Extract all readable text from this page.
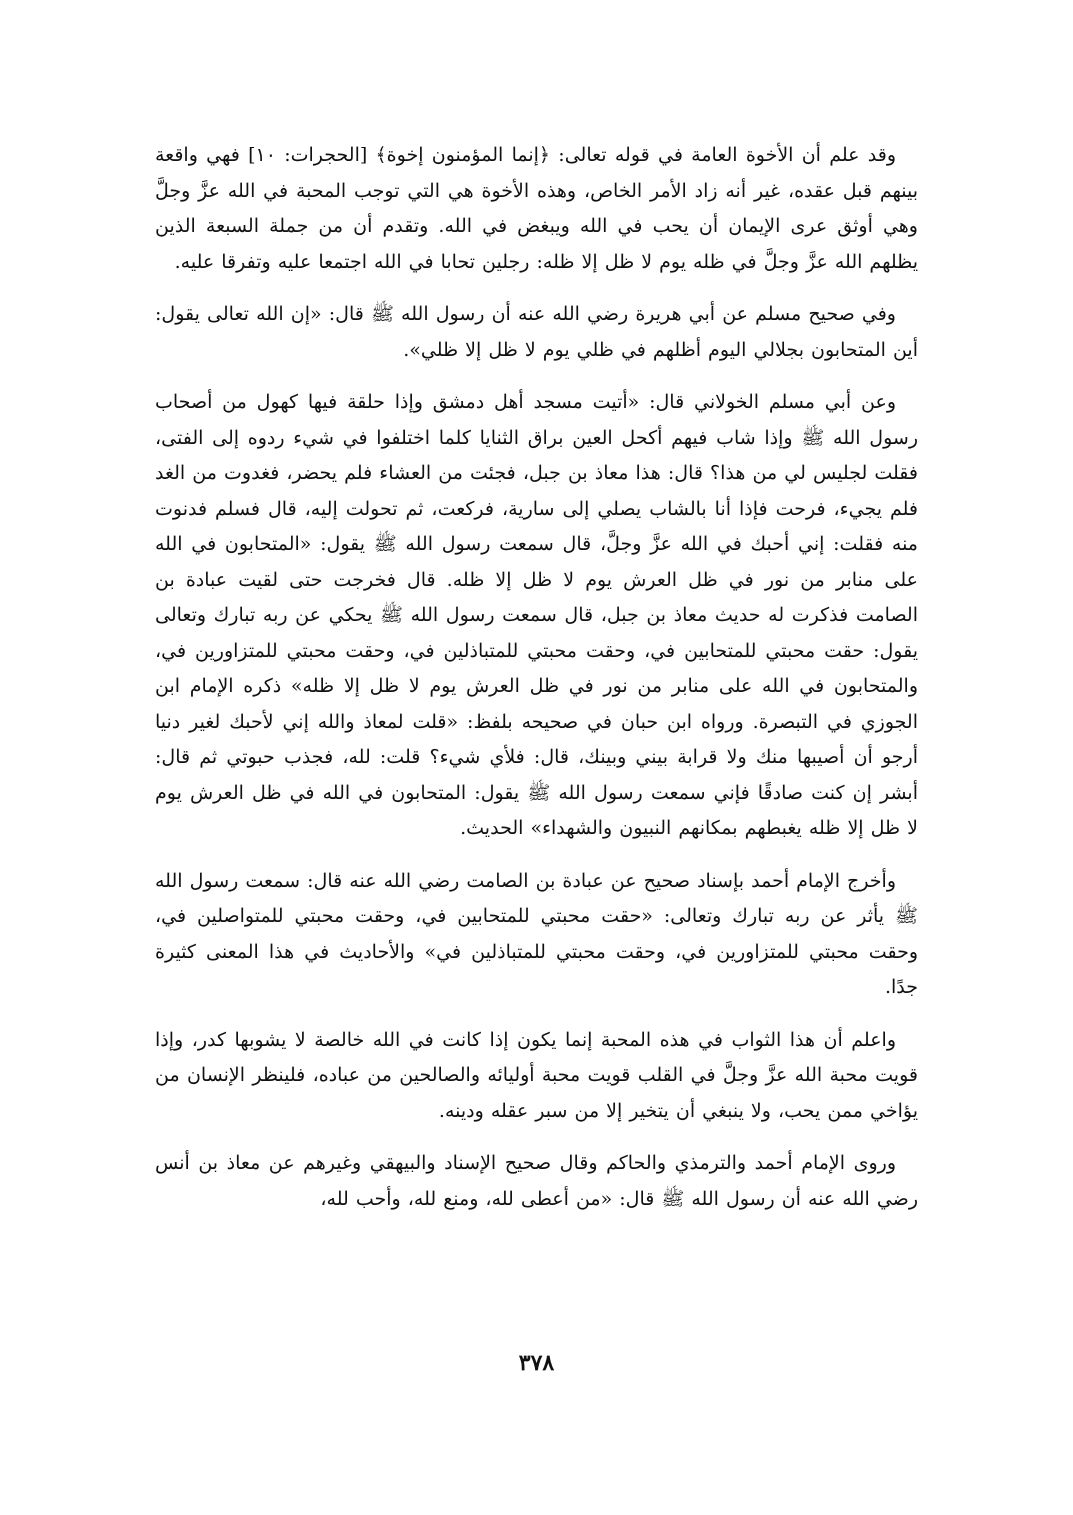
وقد علم أن الأخوة العامة في قوله تعالى: ﴿إنما المؤمنون إخوة﴾ [الحجرات: ١٠] فهي واقعة بينهم قبل عقده، غير أنه زاد الأمر الخاص، وهذه الأخوة هي التي توجب المحبة في الله عزَّ وجلَّ وهي أوثق عرى الإيمان أن يحب في الله ويبغض في الله. وتقدم أن من جملة السبعة الذين يظلهم الله عزَّ وجلَّ في ظله يوم لا ظل إلا ظله: رجلين تحابا في الله اجتمعا عليه وتفرقا عليه.

وفي صحيح مسلم عن أبي هريرة رضي الله عنه أن رسول الله ﷺ قال: «إن الله تعالى يقول: أين المتحابون بجلالي اليوم أظلهم في ظلي يوم لا ظل إلا ظلي».

وعن أبي مسلم الخولاني قال: «أتيت مسجد أهل دمشق وإذا حلقة فيها كهول من أصحاب رسول الله ﷺ وإذا شاب فيهم أكحل العين براق الثنايا كلما اختلفوا في شيء ردوه إلى الفتى، فقلت لجليس لي من هذا؟ قال: هذا معاذ بن جبل، فجئت من العشاء فلم يحضر، فغدوت من الغد فلم يجيء، فرحت فإذا أنا بالشاب يصلي إلى سارية، فركعت، ثم تحولت إليه، قال فسلم فدنوت منه فقلت: إني أحبك في الله عزَّ وجلَّ، قال سمعت رسول الله ﷺ يقول: «المتحابون في الله على منابر من نور في ظل العرش يوم لا ظل إلا ظله. قال فخرجت حتى لقيت عبادة بن الصامت فذكرت له حديث معاذ بن جبل، قال سمعت رسول الله ﷺ يحكي عن ربه تبارك وتعالى يقول: حقت محبتي للمتحابين في، وحقت محبتي للمتباذلين في، وحقت محبتي للمتزاورين في، والمتحابون في الله على منابر من نور في ظل العرش يوم لا ظل إلا ظله» ذكره الإمام ابن الجوزي في التبصرة. ورواه ابن حبان في صحيحه بلفظ: «قلت لمعاذ والله إني لأحبك لغير دنيا أرجو أن أصيبها منك ولا قرابة بيني وبينك، قال: فلأي شيء؟ قلت: لله، فجذب حبوتي ثم قال: أبشر إن كنت صادقًا فإني سمعت رسول الله ﷺ يقول: المتحابون في الله في ظل العرش يوم لا ظل إلا ظله يغبطهم بمكانهم النبيون والشهداء» الحديث.

وأخرج الإمام أحمد بإسناد صحيح عن عبادة بن الصامت رضي الله عنه قال: سمعت رسول الله ﷺ يأثر عن ربه تبارك وتعالى: «حقت محبتي للمتحابين في، وحقت محبتي للمتواصلين في، وحقت محبتي للمتزاورين في، وحقت محبتي للمتباذلين في» والأحاديث في هذا المعنى كثيرة جدًا.

واعلم أن هذا الثواب في هذه المحبة إنما يكون إذا كانت في الله خالصة لا يشوبها كدر، وإذا قويت محبة الله عزَّ وجلَّ في القلب قويت محبة أوليائه والصالحين من عباده، فلينظر الإنسان من يؤاخي ممن يحب، ولا ينبغي أن يتخير إلا من سبر عقله ودينه.

وروى الإمام أحمد والترمذي والحاكم وقال صحيح الإسناد والبيهقي وغيرهم عن معاذ بن أنس رضي الله عنه أن رسول الله ﷺ قال: «من أعطى لله، ومنع لله، وأحب لله،

٣٧٨
